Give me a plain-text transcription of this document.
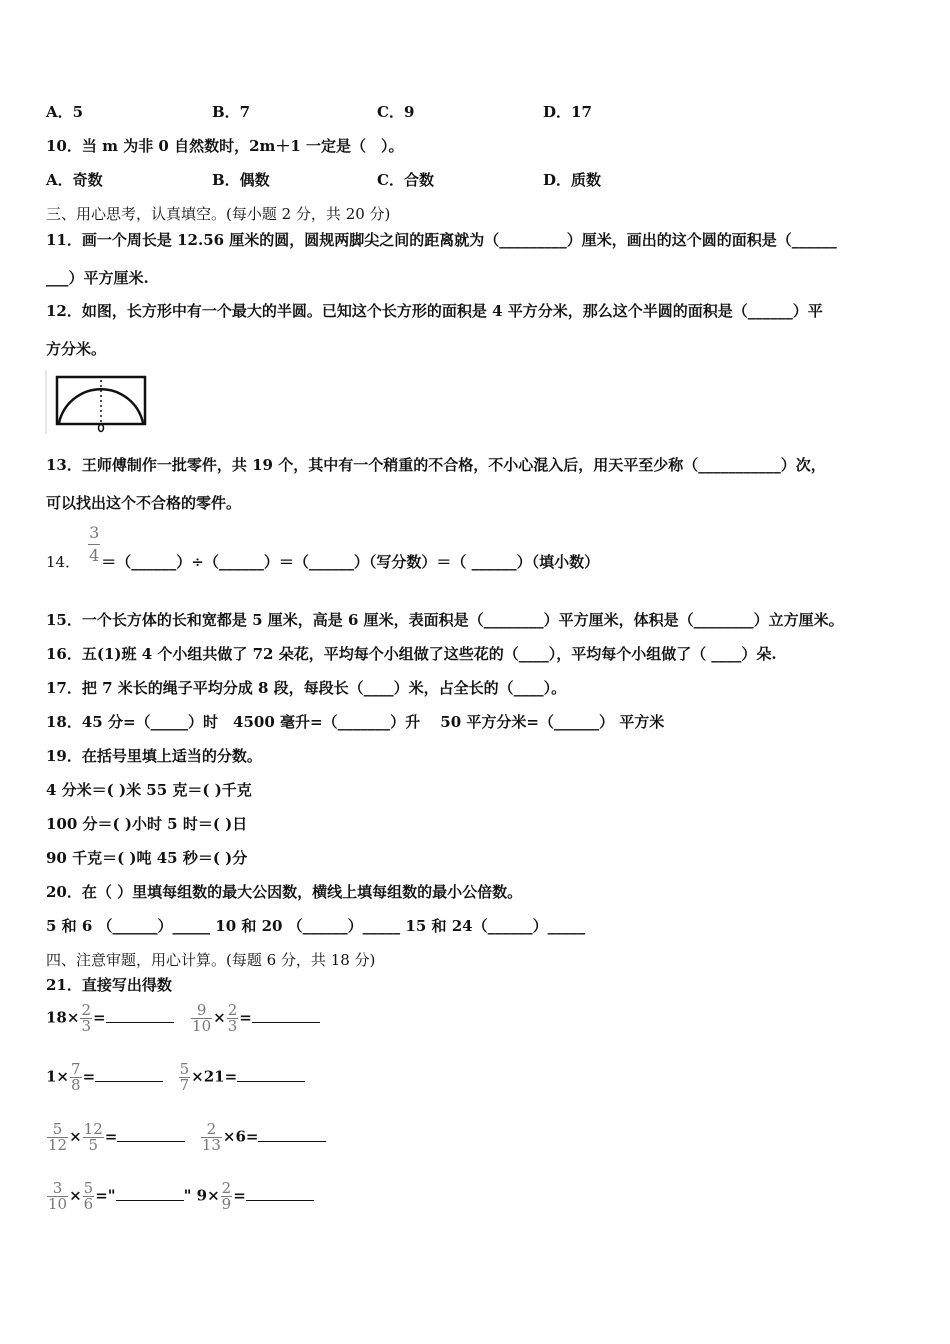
A．5	B．7	C．9	D．17
10．当 m 为非 0 自然数时，2m＋1 一定是（　）。
A．奇数	B．偶数	C．合数	D．质数
三、用心思考，认真填空。(每小题 2 分，共 20 分)
11．画一个周长是 12.56 厘米的圆，圆规两脚尖之间的距离就为（_________）厘米，画出的这个圆的面积是（______
___）平方厘米.
12．如图，长方形中有一个最大的半圆。已知这个长方形的面积是 4 平方分米，那么这个半圆的面积是（______）平
方分米。
13．王师傅制作一批零件，共 19 个，其中有一个稍重的不合格，不小心混入后，用天平至少称（___________）次，
可以找出这个不合格的零件。
14． $\frac{3}{4}$ ＝（______）÷（______）＝（______）（写分数）＝（ ______）（填小数）
15．一个长方体的长和宽都是 5 厘米，高是 6 厘米，表面积是（________）平方厘米，体积是（________）立方厘米。
16．五(1)班 4 个小组共做了 72 朵花，平均每个小组做了这些花的（____），平均每个小组做了（ ____）朵.
17．把 7 米长的绳子平均分成 8 段，每段长（____）米，占全长的（____）。
18．45 分=（_____）时　4500 毫升=（_______）升　 50 平方分米=（______） 平方米
19．在括号里填上适当的分数。
4 分米＝( )米 55 克＝( )千克
100 分＝( )小时 5 时＝( )日
90 千克＝( )吨 45 秒＝( )分
20．在（ ）里填每组数的最大公因数，横线上填每组数的最小公倍数。
5 和 6 （______）_____ 10 和 20 （______）_____ 15 和 24（______）_____
四、注意审题，用心计算。(每题 6 分，共 18 分)
21．直接写出得数
$18\times \frac{2}{3}$ =	$\frac{9}{10} \times \frac{2}{3}$ =
$1\times \frac{7}{8}$ =	$\frac{5}{7} \times 21=$
$\frac{5}{12} \times \frac{12}{5}$ =	$\frac{2}{13} \times 6=$
$\frac{3}{10} \times \frac{5}{6}$ ="	" $9\times \frac{2}{9}$ =
